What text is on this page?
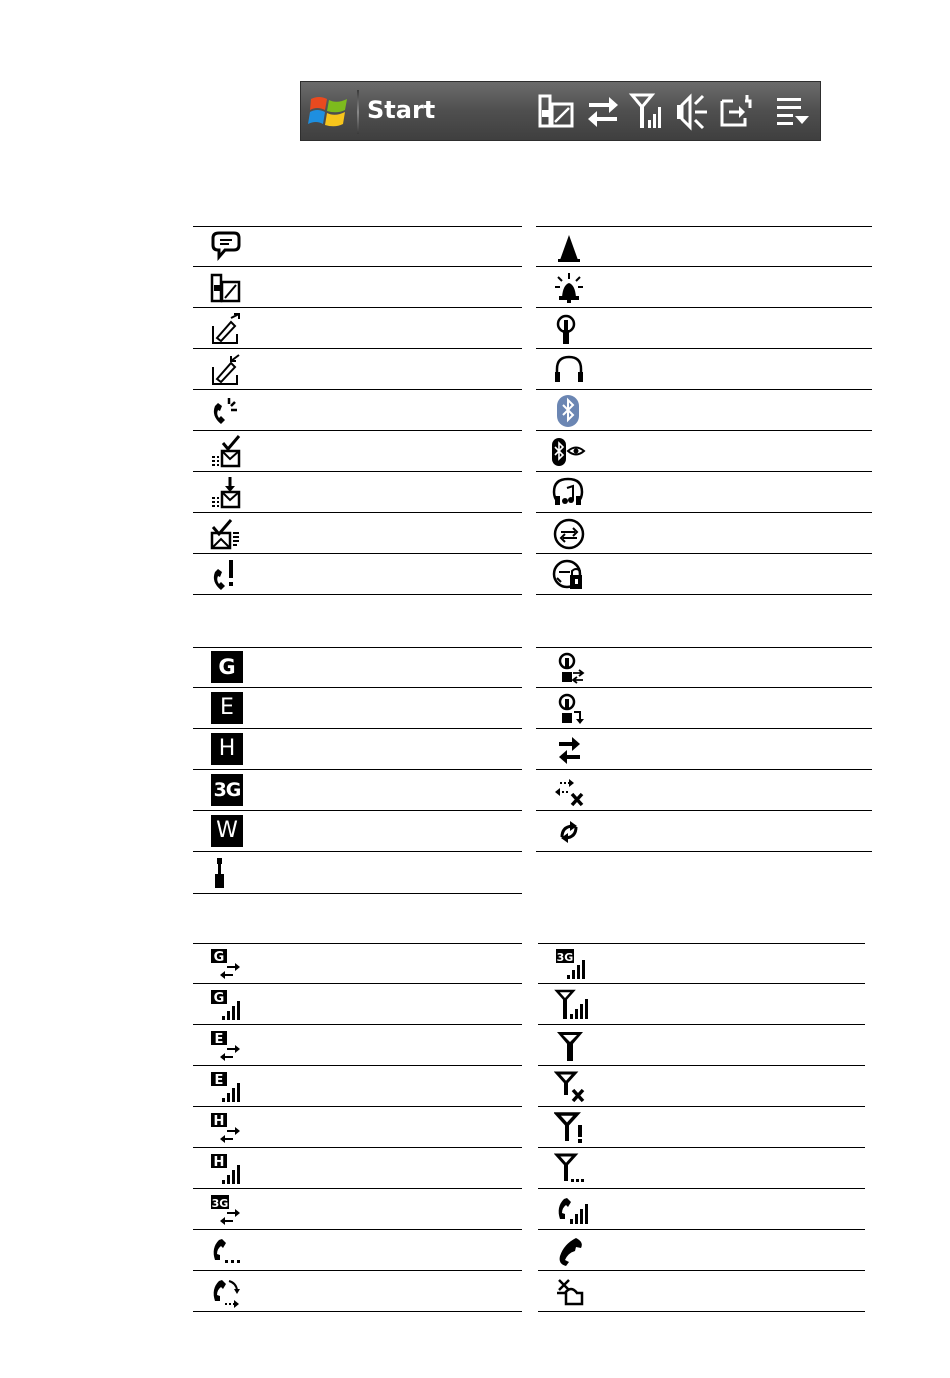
Start
G
E
H
3G
W
G
G
E
E
H
H
3G
3G
